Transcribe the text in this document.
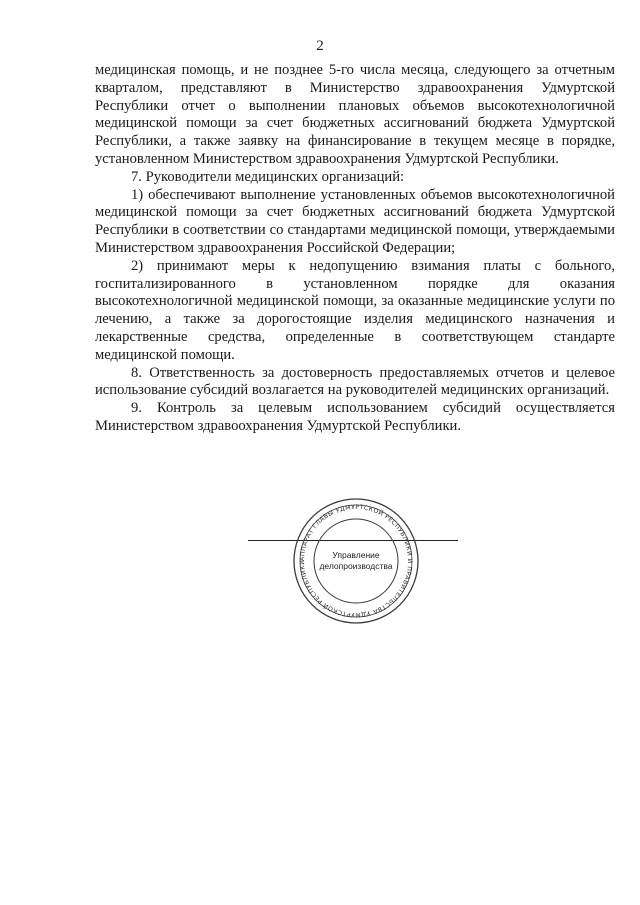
2

медицинская помощь, и не позднее 5-го числа месяца, следующего за отчетным кварталом, представляют в Министерство здравоохранения Удмуртской Республики отчет о выполнении плановых объемов высокотехнологичной медицинской помощи за счет бюджетных ассигнований бюджета Удмуртской Республики, а также заявку на финансирование в текущем месяце в порядке, установленном Министерством здравоохранения Удмуртской Республики.

7. Руководители медицинских организаций:

1) обеспечивают выполнение установленных объемов высокотехнологичной медицинской помощи за счет бюджетных ассигнований бюджета Удмуртской Республики в соответствии со стандартами медицинской помощи, утверждаемыми Министерством здравоохранения Российской Федерации;

2) принимают меры к недопущению взимания платы с больного, госпитализированного в установленном порядке для оказания высокотехнологичной медицинской помощи, за оказанные медицинские услуги по лечению, а также за дорогостоящие изделия медицинского назначения и лекарственные средства, определенные в соответствующем стандарте медицинской помощи.

8. Ответственность за достоверность предоставляемых отчетов и целевое использование субсидий возлагается на руководителей медицинских организаций.

9. Контроль за целевым использованием субсидий осуществляется Министерством здравоохранения Удмуртской Республики.

АППАРАТ ГЛАВЫ УДМУРТСКОЙ РЕСПУБЛИКИ И ПРАВИТЕЛЬСТВА УДМУРТСКОЙ РЕСПУБЛИКИ
Управление
делопроизводства
